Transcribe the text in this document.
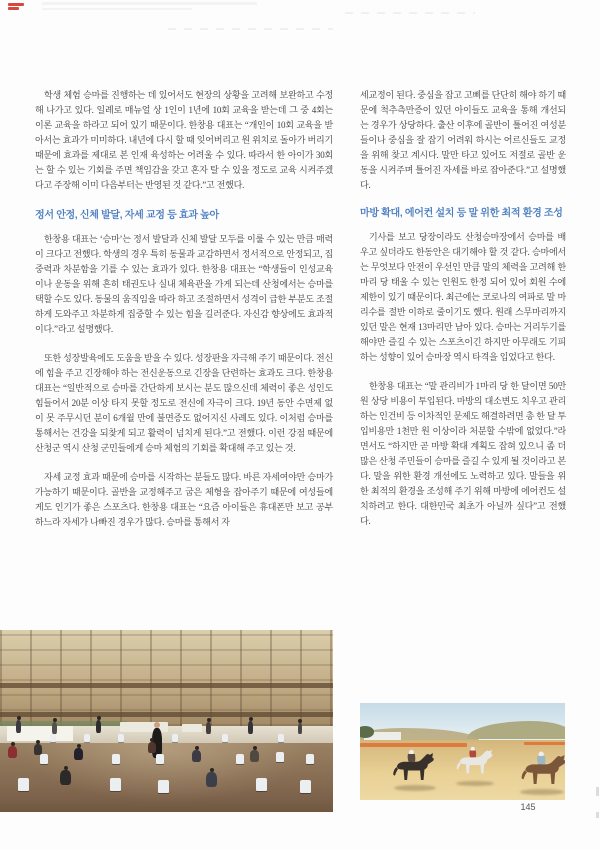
학생 체험 승마를 진행하는 데 있어서도 현장의 상황을 고려해 보완하고 수정해 나가고 있다. 일례로 매뉴얼 상 1인이 1년에 10회 교육을 받는데 그 중 4회는 이론 교육을 하라고 되어 있기 때문이다. 한창용 대표는 “개인이 10회 교육을 받아서는 효과가 미미하다. 내년에 다시 할 때 잊어버리고 원 위치로 돌아가 버리기 때문에 효과를 제대로 본 인재 육성하는 어려울 수 있다. 따라서 한 아이가 30회는 할 수 있는 기회를 주면 책임감을 갖고 혼자 탈 수 있을 정도로 교육 시켜주겠다고 주장해 이미 다음부터는 반영된 것 같다.”고 전했다.

정서 안정, 신체 발달, 자세 교정 등 효과 높아

한창용 대표는 ‘승마’는 정서 발달과 신체 발달 모두를 이룰 수 있는 만큼 매력이 크다고 전했다. 학생의 경우 특히 동물과 교감하면서 정서적으로 안정되고, 집중력과 차분함을 기를 수 있는 효과가 있다. 한창용 대표는 “학생들이 인성교육이나 운동을 위해 흔히 태권도나 실내 체육관을 가게 되는데 산청에서는 승마를 택할 수도 있다. 동물의 움직임을 따라 하고 조절하면서 성격이 급한 부분도 조절하게 도와주고 차분하게 집중할 수 있는 힘을 길러준다. 자신감 향상에도 효과적이다.”라고 설명했다.

또한 성장발육에도 도움을 받을 수 있다. 성장판을 자극해 주기 때문이다. 전신에 힘을 주고 긴장해야 하는 전신운동으로 긴장을 단련하는 효과도 크다. 한창용 대표는 “일반적으로 승마를 간단하게 보시는 분도 많으신데 체력이 좋은 성인도 힘들어서 20분 이상 타지 못할 정도로 전신에 자극이 크다. 19년 동안 수면제 없이 못 주무시던 분이 6개월 만에 불면증도 없어지신 사례도 있다. 이처럼 승마를 통해서는 건강을 되찾게 되고 활력이 넘치게 된다.”고 전했다. 이런 강점 때문에 산청군 역시 산청 군민들에게 승마 체험의 기회를 확대해 주고 있는 것.

자세 교정 효과 때문에 승마를 시작하는 분들도 많다. 바른 자세여야만 승마가 가능하기 때문이다. 골반을 교정해주고 굽은 체형을 잡아주기 때문에 여성들에게도 인기가 좋은 스포츠다. 한창용 대표는 “요즘 아이들은 휴대폰만 보고 공부 하느라 자세가 나빠진 경우가 많다. 승마를 통해서 자

세교정이 된다. 중심을 잡고 고삐를 단단히 해야 하기 때문에 척추측만증이 있던 아이들도 교육을 통해 개선되는 경우가 상당하다. 출산 이후에 골반이 틀어진 여성분들이나 중심을 잘 잡기 어려워 하시는 어르신들도 교정을 위해 찾고 계시다. 말만 타고 있어도 저절로 골반 운동을 시켜주며 틀어진 자세를 바로 잡아준다.”고 설명했다.

마방 확대, 에어컨 설치 등 말 위한 최적 환경 조성

기사를 보고 당장이라도 산청승마장에서 승마를 배우고 싶더라도 한동안은 대기해야 할 것 같다. 승마에서는 무엇보다 안전이 우선인 만큼 말의 체력을 고려해 한 마리 당 태울 수 있는 인원도 한정 되어 있어 회원 수에 제한이 있기 때문이다. 최근에는 코로나의 여파로 말 마리수를 절반 이하로 줄이기도 했다. 원래 스무마리까지 있던 말은 현재 13마리만 남아 있다. 승마는 거리두기를 해야만 즐길 수 있는 스포츠이긴 하지만 아무래도 기피하는 성향이 있어 승마장 역시 타격을 입었다고 한다.

한창용 대표는 “말 관리비가 1마리 당 한 달이면 50만원 상당 비용이 투입된다. 마방의 대소변도 치우고 관리하는 인건비 등 이차적인 문제도 해결하려면 총 한 달 투입비용만 1천만 원 이상이라 처분할 수밖에 없었다.”라면서도 “하지만 곧 마방 확대 계획도 잡혀 있으니 좀 더 많은 산청 주민들이 승마를 즐길 수 있게 될 것이라고 본다. 말을 위한 환경 개선에도 노력하고 있다. 말들을 위한 최적의 환경을 조성해 주기 위해 마방에 에어컨도 설치하려고 한다. 대한민국 최초가 아닐까 싶다”고 전했다.

145
